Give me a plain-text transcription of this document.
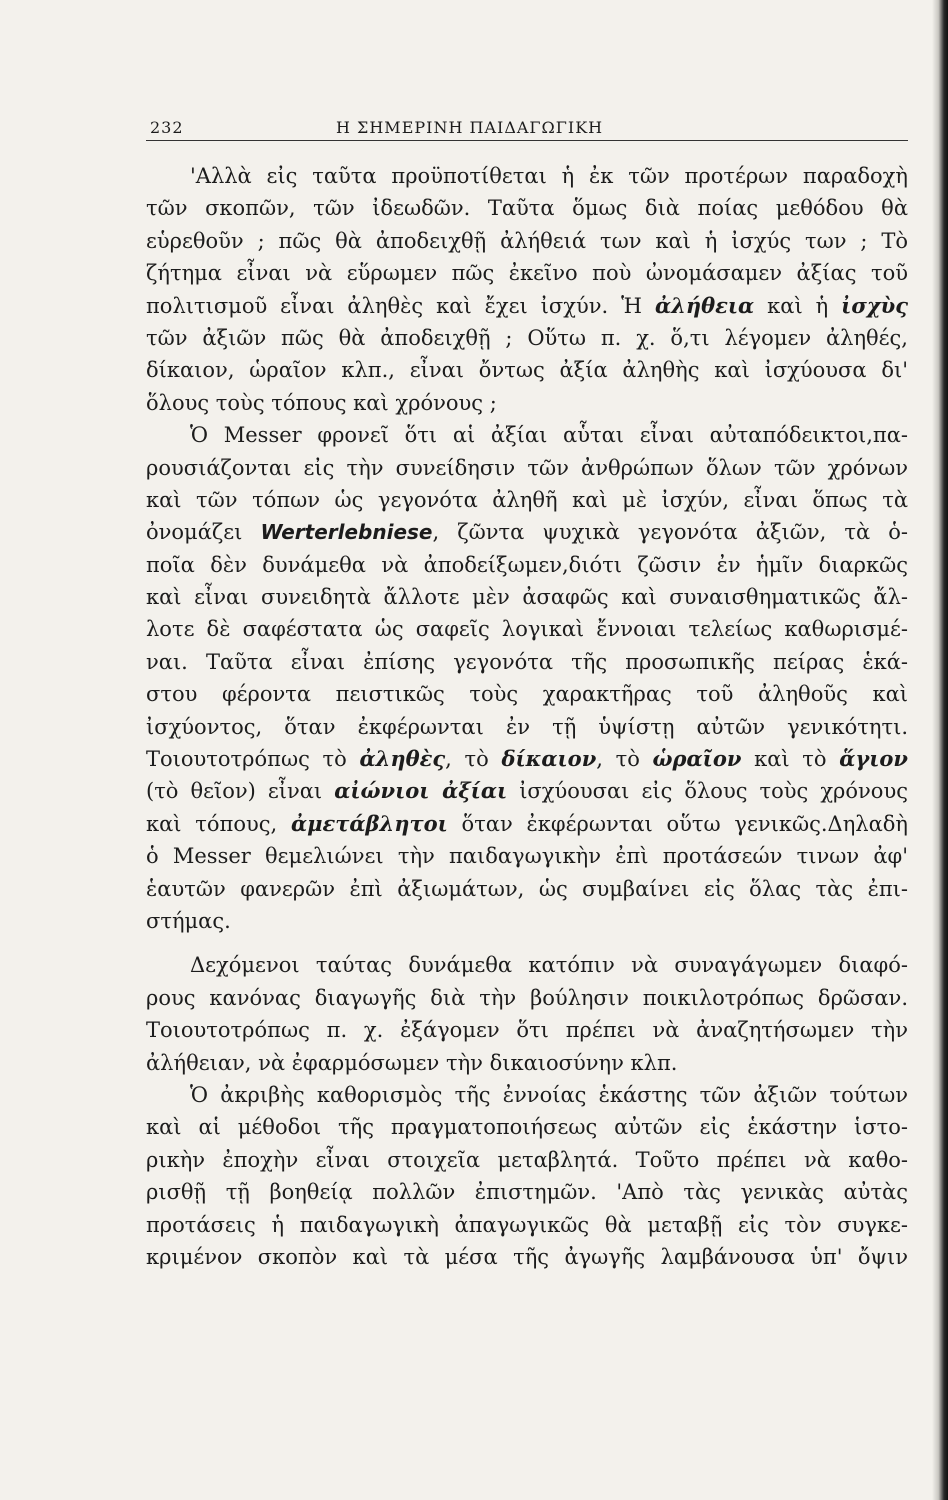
232	Η ΣΗΜΕΡΙΝΗ ΠΑΙΔΑΓΩΓΙΚΗ
'Αλλὰ εἰς ταῦτα προϋποτίθεται ἡ ἐκ τῶν προτέρων παραδοχὴ
τῶν σκοπῶν, τῶν ἰδεωδῶν. Ταῦτα ὅμως διὰ ποίας μεθόδου θὰ
εὑρεθοῦν ; πῶς θὰ ἀποδειχθῇ ἀλήθειά των καὶ ἡ ἰσχύς των ; Τὸ
ζήτημα εἶναι νὰ εὕρωμεν πῶς ἐκεῖνο ποὺ ὠνομάσαμεν ἀξίας τοῦ
πολιτισμοῦ εἶναι ἀληθὲς καὶ ἔχει ἰσχύν. Ἡ ἀλήθεια καὶ ἡ ἰσχὺς
τῶν ἀξιῶν πῶς θὰ ἀποδειχθῇ ; Οὕτω π. χ. ὅ,τι λέγομεν ἀληθές,
δίκαιον, ὡραῖον κλπ., εἶναι ὄντως ἀξία ἀληθὴς καὶ ἰσχύουσα δι'
ὅλους τοὺς τόπους καὶ χρόνους ;
Ὁ Messer φρονεῖ ὅτι αἱ ἀξίαι αὗται εἶναι αὐταπόδεικτοι,πα-
ρουσιάζονται εἰς τὴν συνείδησιν τῶν ἀνθρώπων ὅλων τῶν χρόνων
καὶ τῶν τόπων ὡς γεγονότα ἀληθῆ καὶ μὲ ἰσχύν, εἶναι ὅπως τὰ
ὀνομάζει Werterlebniese, ζῶντα ψυχικὰ γεγονότα ἀξιῶν, τὰ ὁ-
ποῖα δὲν δυνάμεθα νὰ ἀποδείξωμεν,διότι ζῶσιν ἐν ἡμῖν διαρκῶς
καὶ εἶναι συνειδητὰ ἄλλοτε μὲν ἀσαφῶς καὶ συναισθηματικῶς ἄλ-
λοτε δὲ σαφέστατα ὡς σαφεῖς λογικαὶ ἔννοιαι τελείως καθωρισμέ-
ναι. Ταῦτα εἶναι ἐπίσης γεγονότα τῆς προσωπικῆς πείρας ἑκά-
στου φέροντα πειστικῶς τοὺς χαρακτῆρας τοῦ ἀληθοῦς καὶ
ἰσχύοντος, ὅταν ἐκφέρωνται ἐν τῇ ὑψίστῃ αὐτῶν γενικότητι.
Τοιουτοτρόπως τὸ ἀληθὲς, τὸ δίκαιον, τὸ ὡραῖον καὶ τὸ ἅγιον
(τὸ θεῖον) εἶναι αἰώνιοι ἀξίαι ἰσχύουσαι εἰς ὅλους τοὺς χρόνους
καὶ τόπους, ἀμετάβλητοι ὅταν ἐκφέρωνται οὕτω γενικῶς.Δηλαδὴ
ὁ Messer θεμελιώνει τὴν παιδαγωγικὴν ἐπὶ προτάσεών τινων ἀφ'
ἑαυτῶν φανερῶν ἐπὶ ἀξιωμάτων, ὡς συμβαίνει εἰς ὅλας τὰς ἐπι-
στήμας.
Δεχόμενοι ταύτας δυνάμεθα κατόπιν νὰ συναγάγωμεν διαφό-
ρους κανόνας διαγωγῆς διὰ τὴν βούλησιν ποικιλοτρόπως δρῶσαν.
Τοιουτοτρόπως π. χ. ἐξάγομεν ὅτι πρέπει νὰ ἀναζητήσωμεν τὴν
ἀλήθειαν, νὰ ἐφαρμόσωμεν τὴν δικαιοσύνην κλπ.
Ὁ ἀκριβὴς καθορισμὸς τῆς ἐννοίας ἑκάστης τῶν ἀξιῶν τούτων
καὶ αἱ μέθοδοι τῆς πραγματοποιήσεως αὐτῶν εἰς ἑκάστην ἱστο-
ρικὴν ἐποχὴν εἶναι στοιχεῖα μεταβλητά. Τοῦτο πρέπει νὰ καθο-
ρισθῇ τῇ βοηθείᾳ πολλῶν ἐπιστημῶν. 'Απὸ τὰς γενικὰς αὐτὰς
προτάσεις ἡ παιδαγωγικὴ ἀπαγωγικῶς θὰ μεταβῇ εἰς τὸν συγκε-
κριμένον σκοπὸν καὶ τὰ μέσα τῆς ἀγωγῆς λαμβάνουσα ὑπ' ὄψιν
